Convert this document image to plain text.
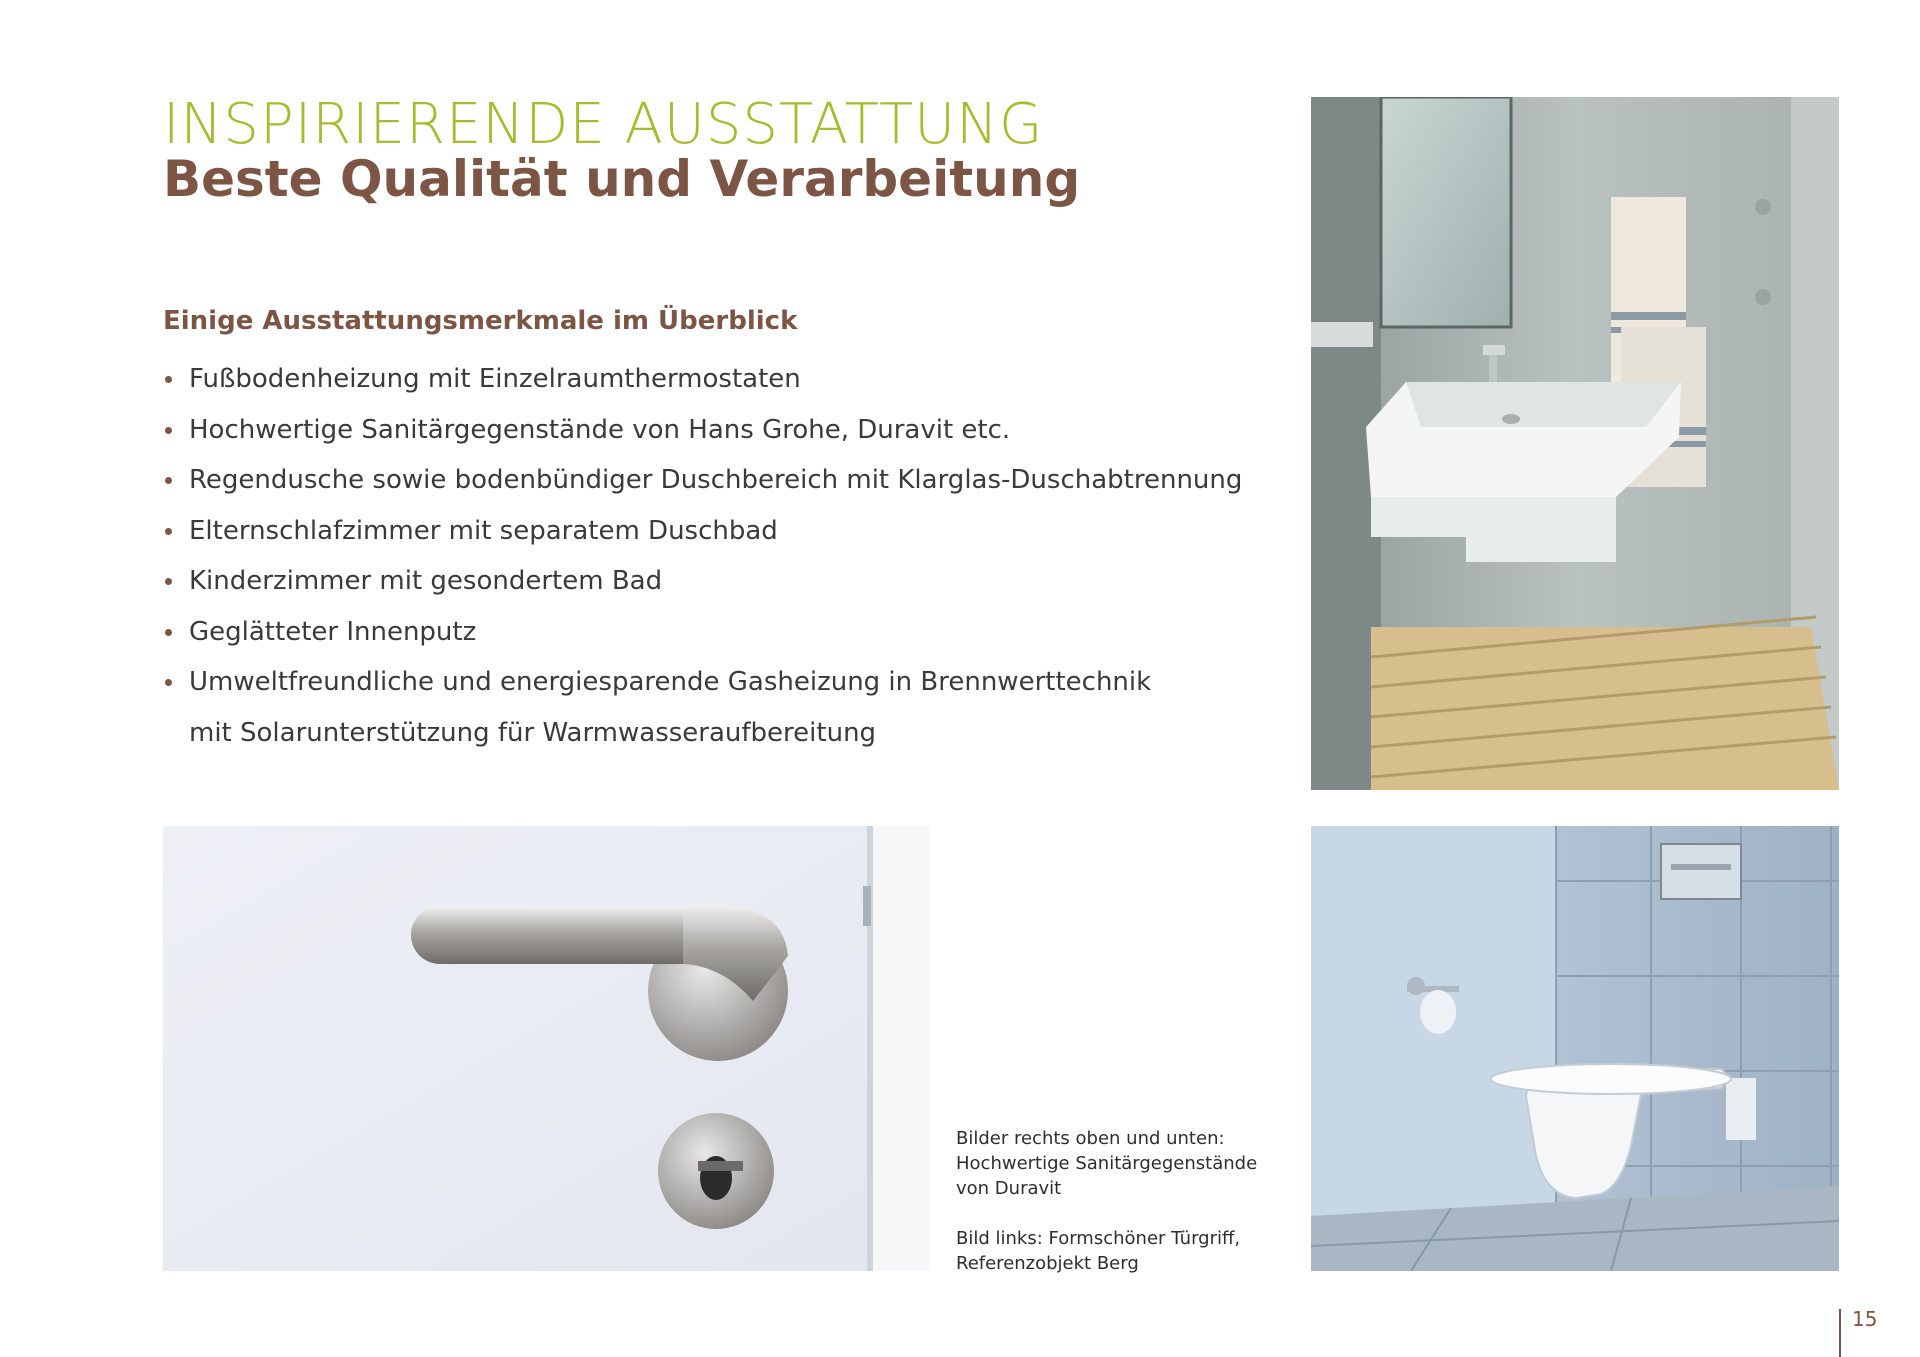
INSPIRIERENDE AUSSTATTUNG
Beste Qualität und Verarbeitung
Einige Ausstattungsmerkmale im Überblick
Fußbodenheizung mit Einzelraumthermostaten
Hochwertige Sanitärgegenstände von Hans Grohe, Duravit etc.
Regendusche sowie bodenbündiger Duschbereich mit Klarglas-Duschabtrennung
Elternschlafzimmer mit separatem Duschbad
Kinderzimmer mit gesondertem Bad
Geglätteter Innenputz
Umweltfreundliche und energiesparende Gasheizung in Brennwerttechnik
mit Solarunterstützung für Warmwasseraufbereitung

Bilder rechts oben und unten:
Hochwertige Sanitärgegenstände
von Duravit

Bild links: Formschöner Türgriff,
Referenzobjekt Berg

15
